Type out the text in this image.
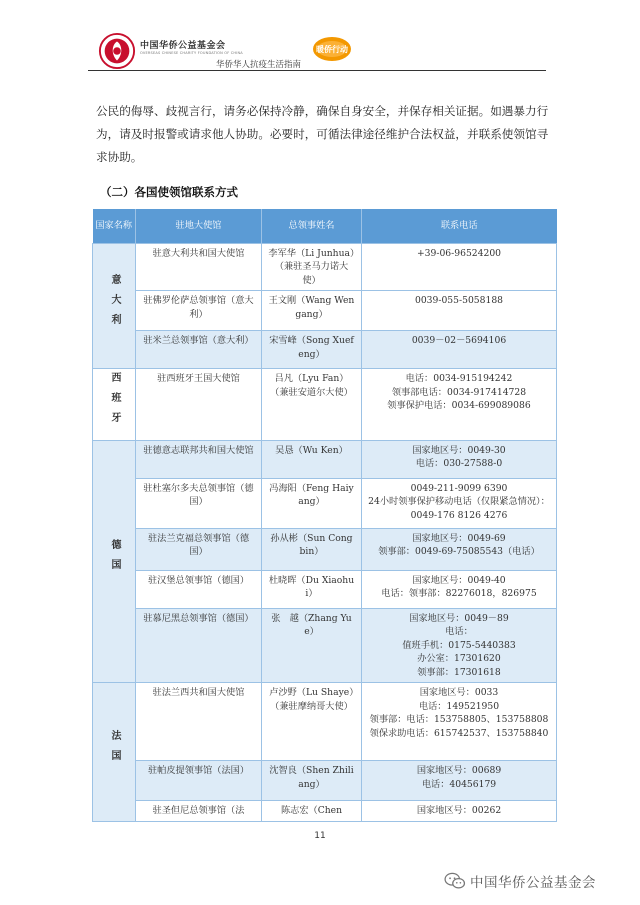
中国华侨公益基金会
OVERSEAS CHINESE CHARITY FOUNDATION OF CHINA	暖侨行动
华侨华人抗疫生活指南

公民的侮辱、歧视言行，请务必保持冷静，确保自身安全，并保存相关证据。如遇暴力行为，请及时报警或请求他人协助。必要时，可循法律途径维护合法权益，并联系使领馆寻求协助。

（二）各国使领馆联系方式
国家名称	驻地大使馆	总领事姓名	联系电话
意大利	驻意大利共和国大使馆	李军华（Li Junhua）（兼驻圣马力诺大使）	+39-06-96524200
	驻佛罗伦萨总领事馆（意大利）	王文刚（Wang Wengang）	0039-055-5058188
	驻米兰总领事馆（意大利）	宋雪峰（Song Xuefeng）	0039－02－5694106
西班牙	驻西班牙王国大使馆	吕凡（Lyu Fan）（兼驻安道尔大使）	电话：0034-915194242
领事部电话：0034-917414728
领事保护电话：0034-699089086
德国	驻德意志联邦共和国大使馆	吴恳（Wu Ken）	国家地区号：0049-30
电话：030-27588-0
	驻杜塞尔多夫总领事馆（德国）	冯海阳（Feng Haiyang）	0049-211-9099 6390
24小时领事保护移动电话（仅限紧急情况）：0049-176 8126 4276
	驻法兰克福总领事馆（德国）	孙从彬（Sun Congbin）	国家地区号：0049-69
领事部：0049-69-75085543（电话）
	驻汉堡总领事馆（德国）	杜晓晖（Du Xiaohui）	国家地区号：0049-40
电话：领事部：82276018，826975
	驻慕尼黑总领事馆（德国）	张　越（Zhang Yue）	国家地区号：0049－89
电话：
值班手机：0175-5440383
办公室：17301620
领事部：17301618
法国	驻法兰西共和国大使馆	卢沙野（Lu Shaye）（兼驻摩纳哥大使）	国家地区号：0033
电话：149521950
领事部：电话：153758805、153758808
领保求助电话：615742537、153758840
	驻帕皮提领事馆（法国）	沈智良（Shen Zhiliang）	国家地区号：00689
电话：40456179
	驻圣但尼总领事馆（法	陈志宏（Chen	国家地区号：00262
11
中国华侨公益基金会
